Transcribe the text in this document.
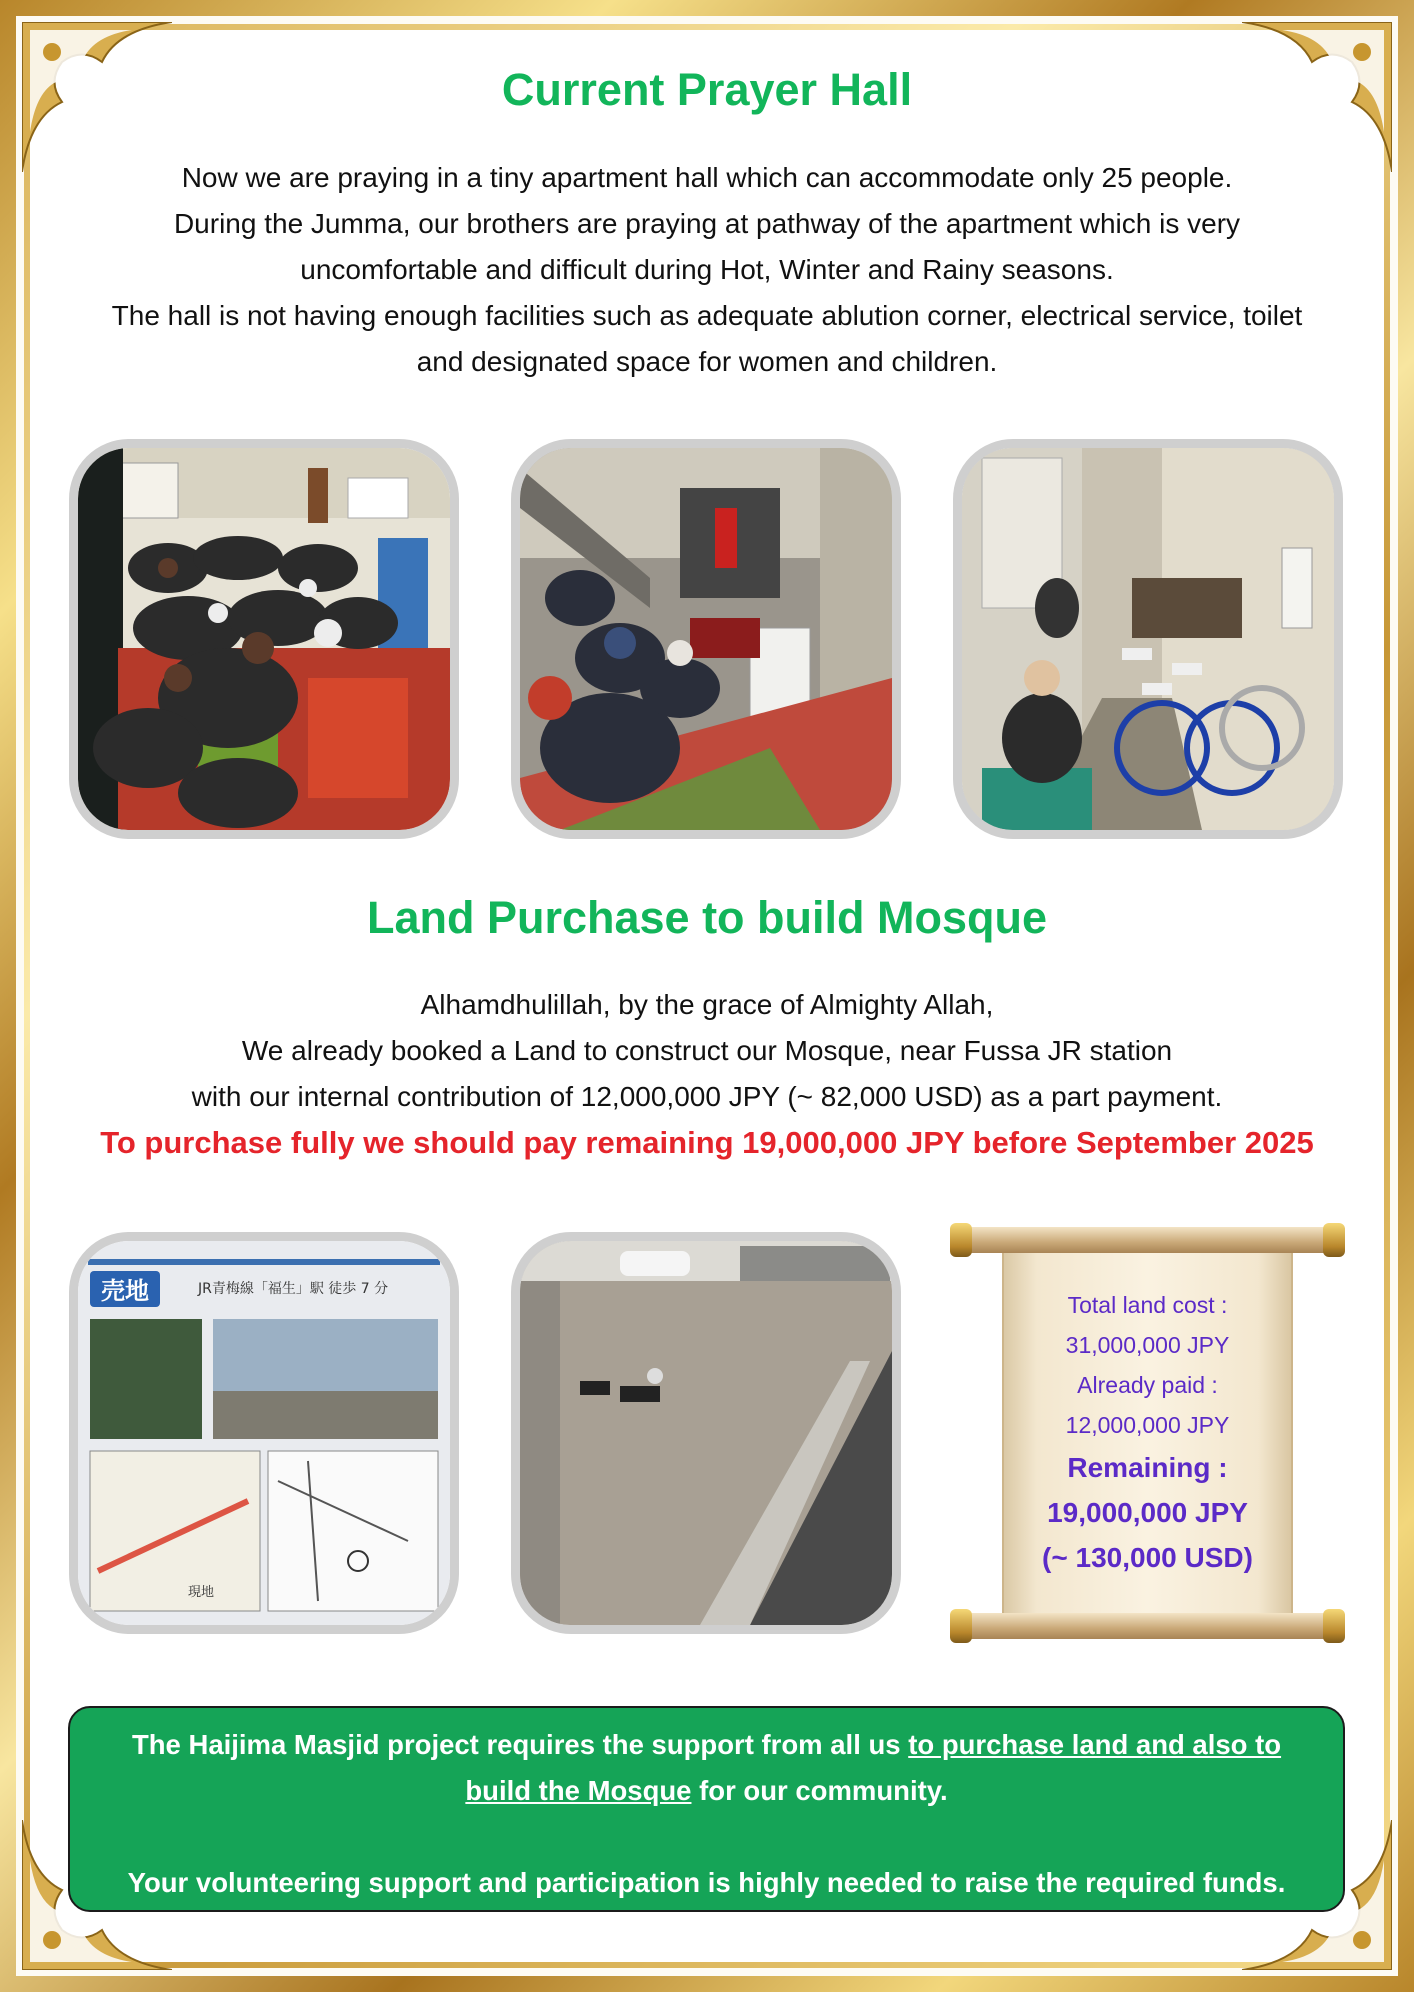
Current Prayer Hall
Now we are praying in a tiny apartment hall which can accommodate only 25 people.
During the Jumma, our brothers are praying at pathway of the apartment which is very
uncomfortable and difficult during Hot, Winter and Rainy seasons.
The hall is not having enough facilities such as adequate ablution corner, electrical service, toilet
and designated space for women and children.
Land Purchase to build Mosque
Alhamdhulillah, by the grace of Almighty Allah,
We already booked a Land to construct our Mosque, near Fussa JR station
with our internal contribution of 12,000,000 JPY (~ 82,000 USD) as a part payment.
To purchase fully we should pay remaining 19,000,000 JPY before September 2025
売地	JR青梅線「福生」駅 徒歩 7 分
現地
Total land cost :
31,000,000 JPY
Already paid :
12,000,000 JPY
Remaining :
19,000,000 JPY
(~ 130,000 USD)
The Haijima Masjid project requires the support from all us to purchase land and also to
build the Mosque for our community.

Your volunteering support and participation is highly needed to raise the required funds.
